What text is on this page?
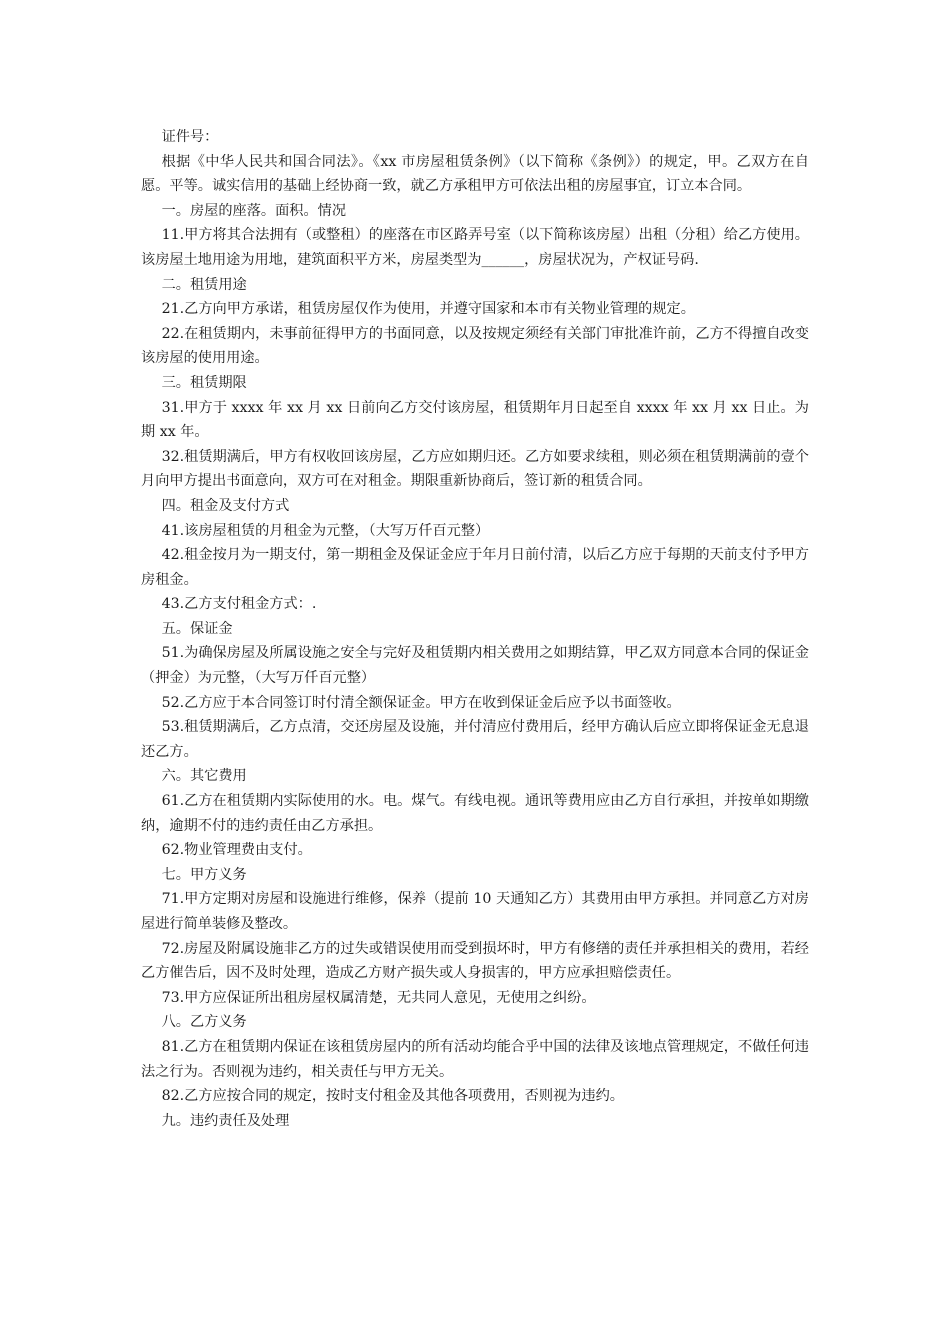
证件号：

根据《中华人民共和国合同法》。《xx 市房屋租赁条例》（以下简称《条例》）的规定，甲。乙双方在自愿。平等。诚实信用的基础上经协商一致，就乙方承租甲方可依法出租的房屋事宜，订立本合同。

一。房屋的座落。面积。情况

11.甲方将其合法拥有（或整租）的座落在市区路弄号室（以下简称该房屋）出租（分租）给乙方使用。该房屋土地用途为用地，建筑面积平方米，房屋类型为______，房屋状况为，产权证号码.

二。租赁用途

21.乙方向甲方承诺，租赁房屋仅作为使用，并遵守国家和本市有关物业管理的规定。

22.在租赁期内，未事前征得甲方的书面同意，以及按规定须经有关部门审批准许前，乙方不得擅自改变该房屋的使用用途。

三。租赁期限

31.甲方于 xxxx 年 xx 月 xx 日前向乙方交付该房屋，租赁期年月日起至自 xxxx 年 xx 月 xx 日止。为期 xx 年。

32.租赁期满后，甲方有权收回该房屋，乙方应如期归还。乙方如要求续租，则必须在租赁期满前的壹个月向甲方提出书面意向，双方可在对租金。期限重新协商后，签订新的租赁合同。

四。租金及支付方式

41.该房屋租赁的月租金为元整，（大写万仟百元整）

42.租金按月为一期支付，第一期租金及保证金应于年月日前付清，以后乙方应于每期的天前支付予甲方房租金。

43.乙方支付租金方式：.

五。保证金

51.为确保房屋及所属设施之安全与完好及租赁期内相关费用之如期结算，甲乙双方同意本合同的保证金（押金）为元整，（大写万仟百元整）

52.乙方应于本合同签订时付清全额保证金。甲方在收到保证金后应予以书面签收。

53.租赁期满后，乙方点清，交还房屋及设施，并付清应付费用后，经甲方确认后应立即将保证金无息退还乙方。

六。其它费用

61.乙方在租赁期内实际使用的水。电。煤气。有线电视。通讯等费用应由乙方自行承担，并按单如期缴纳，逾期不付的违约责任由乙方承担。

62.物业管理费由支付。

七。甲方义务

71.甲方定期对房屋和设施进行维修，保养（提前 10 天通知乙方）其费用由甲方承担。并同意乙方对房屋进行简单装修及整改。

72.房屋及附属设施非乙方的过失或错误使用而受到损坏时，甲方有修缮的责任并承担相关的费用，若经乙方催告后，因不及时处理，造成乙方财产损失或人身损害的，甲方应承担赔偿责任。

73.甲方应保证所出租房屋权属清楚，无共同人意见，无使用之纠纷。

八。乙方义务

81.乙方在租赁期内保证在该租赁房屋内的所有活动均能合乎中国的法律及该地点管理规定，不做任何违法之行为。否则视为违约，相关责任与甲方无关。

82.乙方应按合同的规定，按时支付租金及其他各项费用，否则视为违约。

九。违约责任及处理
